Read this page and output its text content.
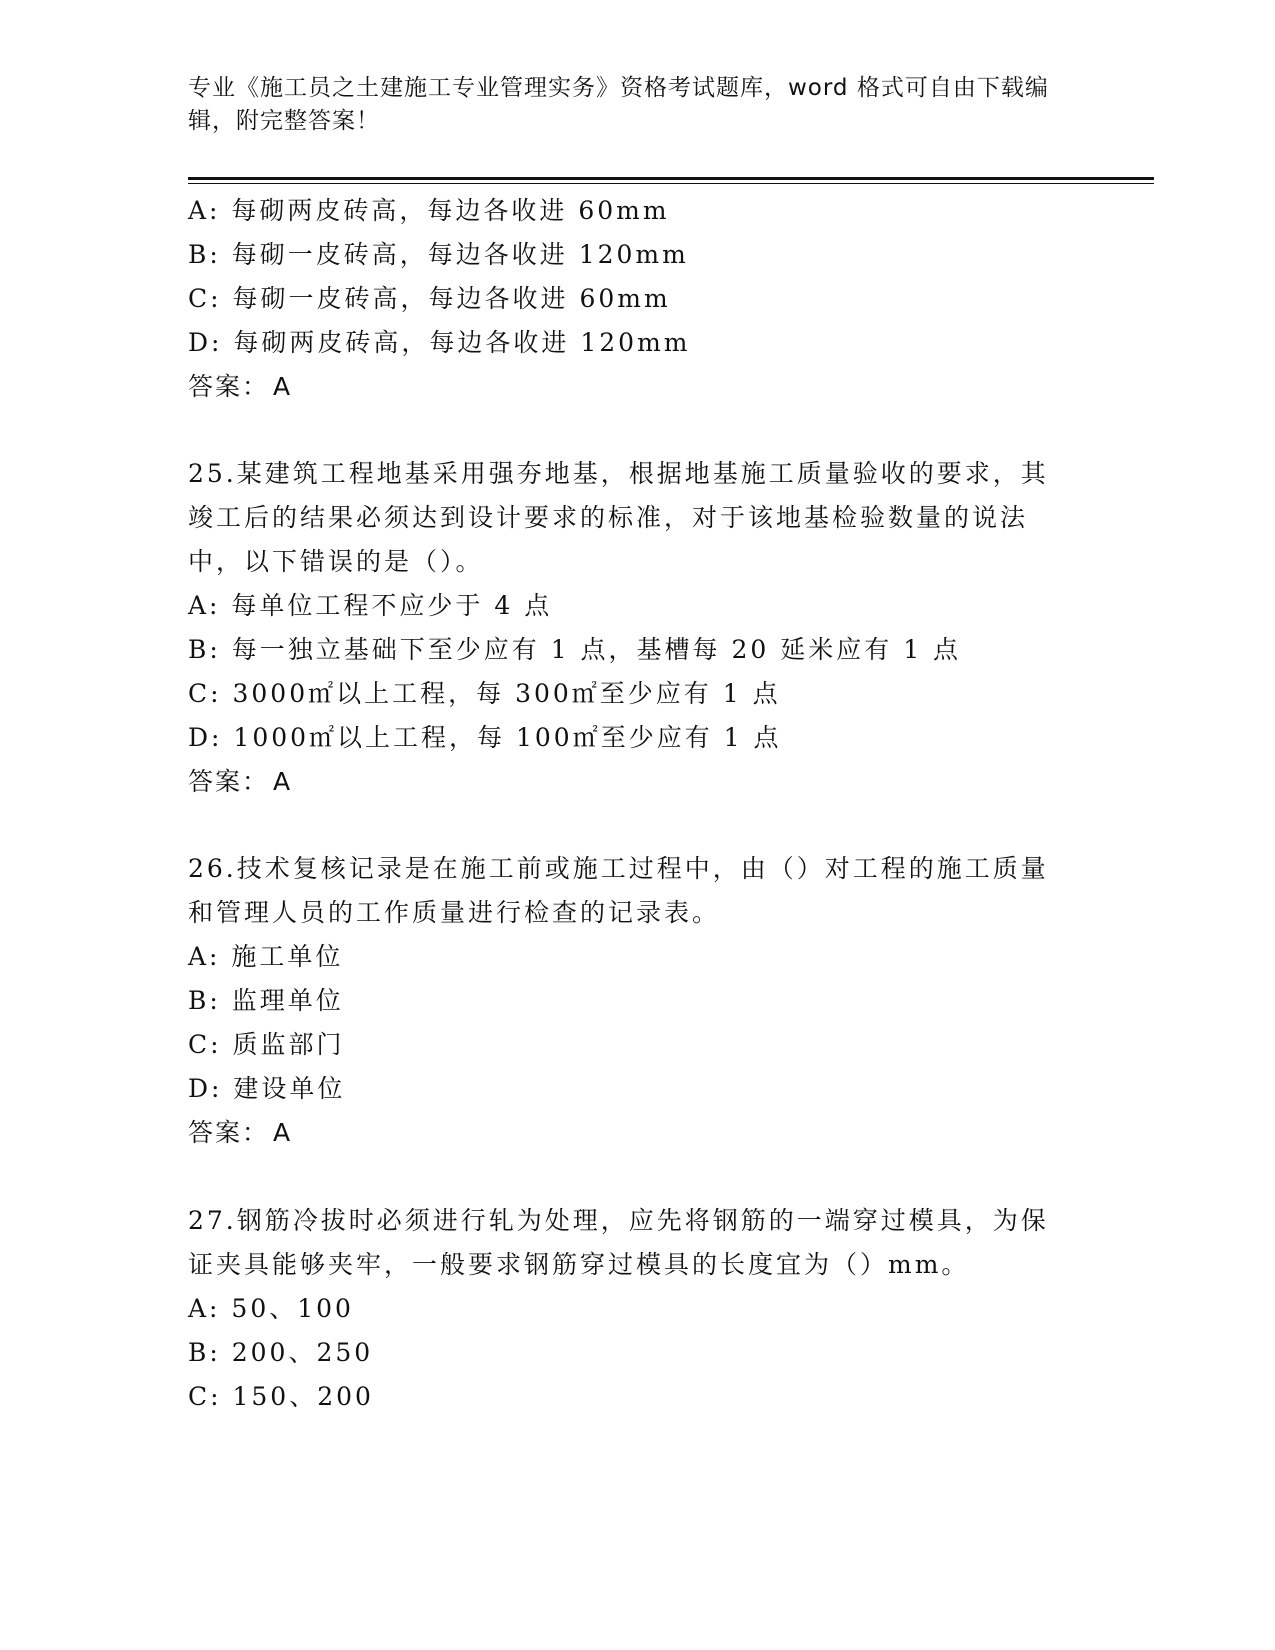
专业《施工员之土建施工专业管理实务》资格考试题库，word 格式可自由下载编
辑，附完整答案！
A: 每砌两皮砖高，每边各收进 60mm
B: 每砌一皮砖高，每边各收进 120mm
C: 每砌一皮砖高，每边各收进 60mm
D: 每砌两皮砖高，每边各收进 120mm
答案： A
25.某建筑工程地基采用强夯地基，根据地基施工质量验收的要求，其
竣工后的结果必须达到设计要求的标准，对于该地基检验数量的说法
中，以下错误的是（）。
A: 每单位工程不应少于 4 点
B: 每一独立基础下至少应有 1 点，基槽每 20 延米应有 1 点
C: 3000㎡以上工程，每 300㎡至少应有 1 点
D: 1000㎡以上工程，每 100㎡至少应有 1 点
答案： A
26.技术复核记录是在施工前或施工过程中，由（）对工程的施工质量
和管理人员的工作质量进行检查的记录表。
A: 施工单位
B: 监理单位
C: 质监部门
D: 建设单位
答案： A
27.钢筋冷拔时必须进行轧为处理，应先将钢筋的一端穿过模具，为保
证夹具能够夹牢，一般要求钢筋穿过模具的长度宜为（）mm。
A: 50、100
B: 200、250
C: 150、200
